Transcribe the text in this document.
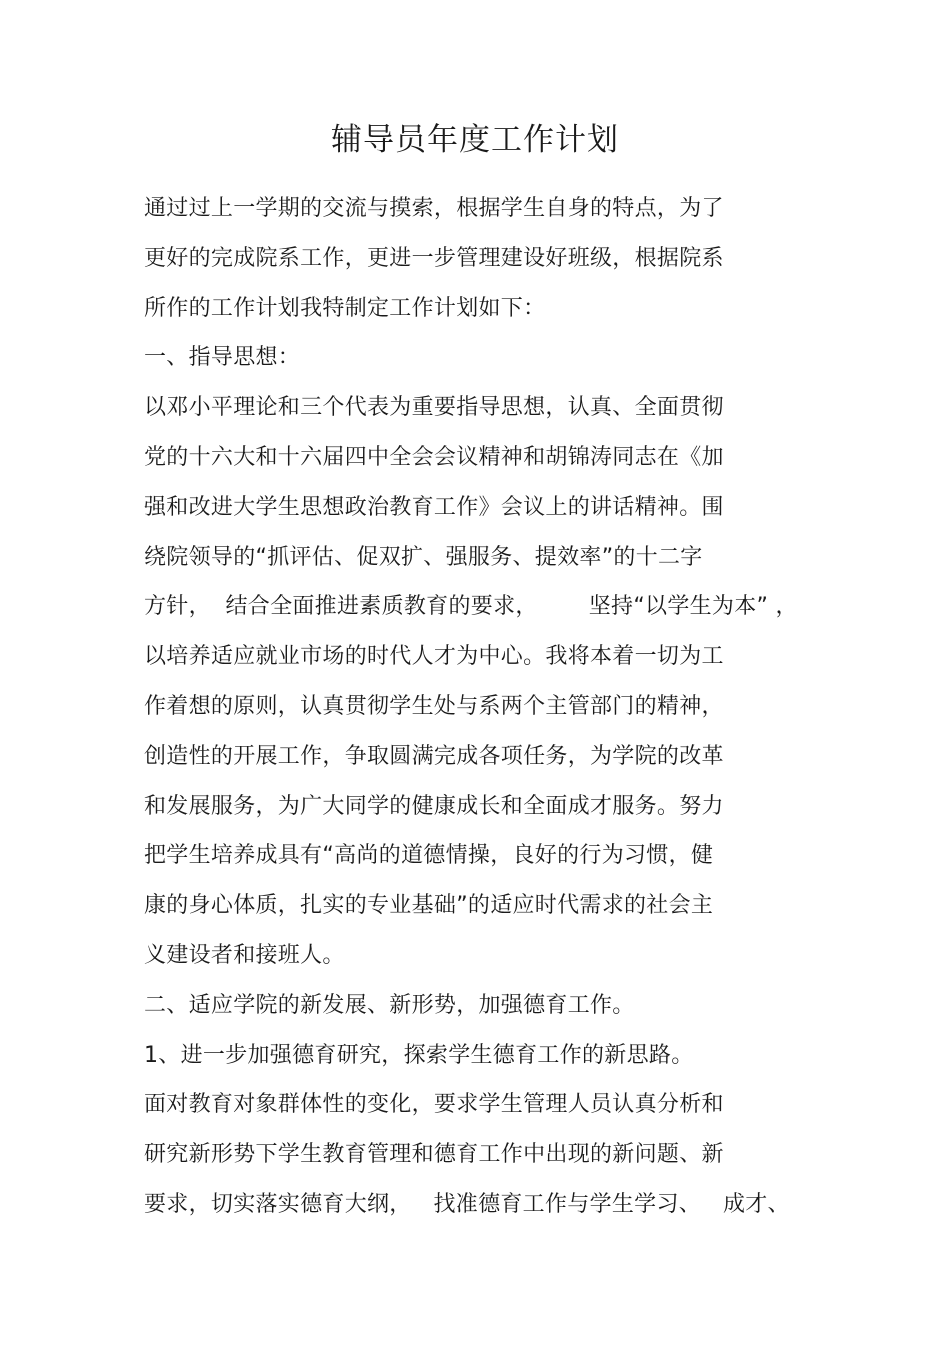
辅导员年度工作计划
通过过上一学期的交流与摸索，根据学生自身的特点，为了
更好的完成院系工作，更进一步管理建设好班级，根据院系
所作的工作计划我特制定工作计划如下：
一、指导思想：
以邓小平理论和三个代表为重要指导思想，认真、全面贯彻
党的十六大和十六届四中全会会议精神和胡锦涛同志在《加
强和改进大学生思想政治教育工作》会议上的讲话精神。围
绕院领导的“抓评估、促双扩、强服务、提效率”的十二字
方针，  结合全面推进素质教育的要求，       坚持“以学生为本” ，
以培养适应就业市场的时代人才为中心。我将本着一切为工
作着想的原则，认真贯彻学生处与系两个主管部门的精神，
创造性的开展工作，争取圆满完成各项任务，为学院的改革
和发展服务，为广大同学的健康成长和全面成才服务。努力
把学生培养成具有“高尚的道德情操，良好的行为习惯，健
康的身心体质，扎实的专业基础”的适应时代需求的社会主
义建设者和接班人。
二、适应学院的新发展、新形势，加强德育工作。
1、进一步加强德育研究，探索学生德育工作的新思路。
面对教育对象群体性的变化，要求学生管理人员认真分析和
研究新形势下学生教育管理和德育工作中出现的新问题、新
要求，切实落实德育大纲，   找准德育工作与学生学习、   成才、
